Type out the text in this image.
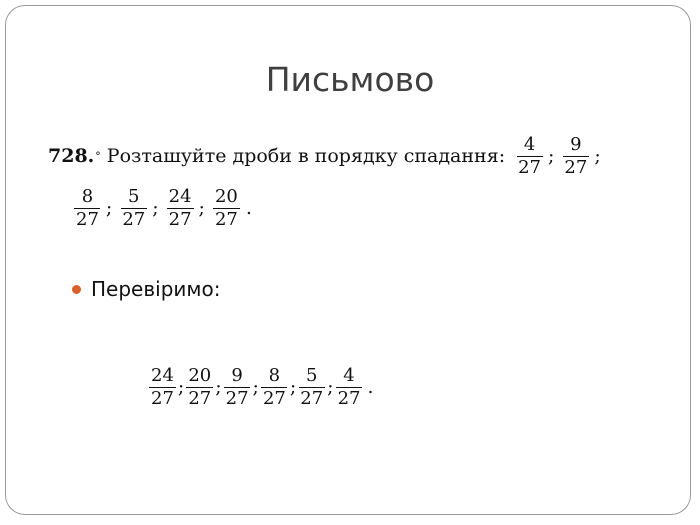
Письмово
728. ° Розташуйте дроби в порядку спадання: $\frac{4}{27}$ ; $\frac{9}{27}$ ;
$\frac{8}{27}$ ; $\frac{5}{27}$ ; $\frac{24}{27}$ ; $\frac{20}{27}$ .
Перевіримо:
$\frac{24}{27}$ ; $\frac{20}{27}$ ; $\frac{9}{27}$ ; $\frac{8}{27}$ ; $\frac{5}{27}$ ; $\frac{4}{27}$ .
